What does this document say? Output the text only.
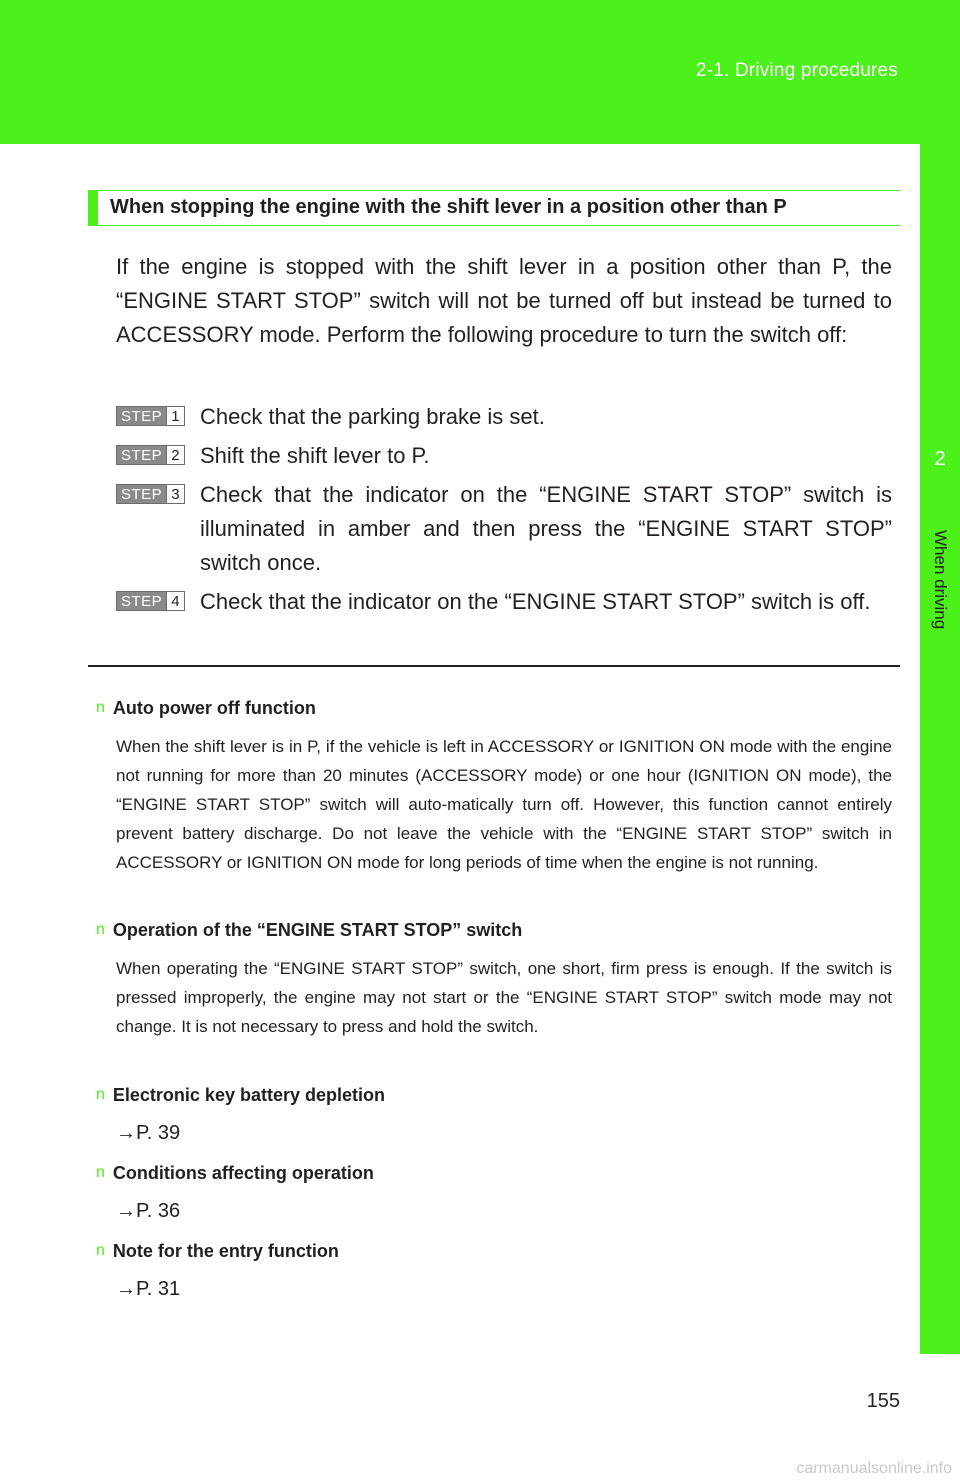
2-1. Driving procedures
2
When driving
When stopping the engine with the shift lever in a position other than P
If the engine is stopped with the shift lever in a position other than P, the “ENGINE START STOP” switch will not be turned off but instead be turned to ACCESSORY mode. Perform the following procedure to turn the switch off:
STEP 1 Check that the parking brake is set.
STEP 2 Shift the shift lever to P.
STEP 3 Check that the indicator on the “ENGINE START STOP” switch is illuminated in amber and then press the “ENGINE START STOP” switch once.
STEP 4 Check that the indicator on the “ENGINE START STOP” switch is off.
n Auto power off function
When the shift lever is in P, if the vehicle is left in ACCESSORY or IGNITION ON mode with the engine not running for more than 20 minutes (ACCESSORY mode) or one hour (IGNITION ON mode), the “ENGINE START STOP” switch will auto-matically turn off. However, this function cannot entirely prevent battery discharge. Do not leave the vehicle with the “ENGINE START STOP” switch in ACCESSORY or IGNITION ON mode for long periods of time when the engine is not running.
n Operation of the “ENGINE START STOP” switch
When operating the “ENGINE START STOP” switch, one short, firm press is enough. If the switch is pressed improperly, the engine may not start or the “ENGINE START STOP” switch mode may not change. It is not necessary to press and hold the switch.
n Electronic key battery depletion
→P. 39
n Conditions affecting operation
→P. 36
n Note for the entry function
→P. 31
155
carmanualsonline.info
